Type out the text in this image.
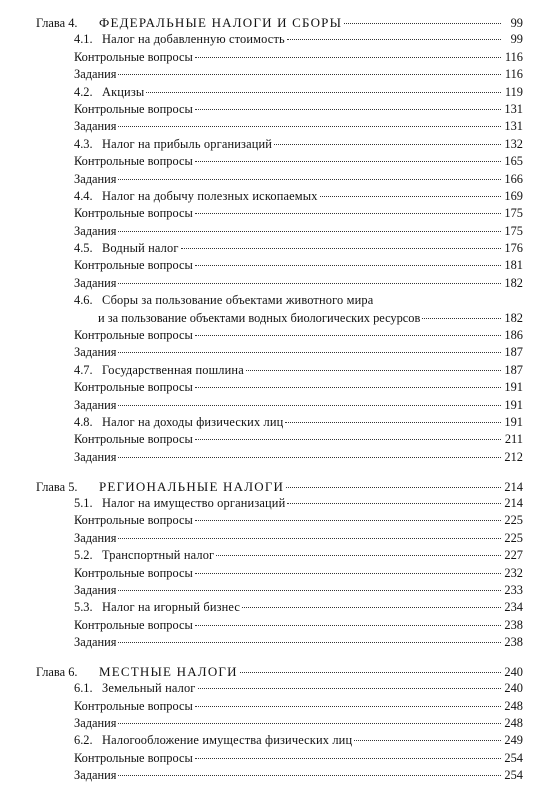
Глава 4.	ФЕДЕРАЛЬНЫЕ НАЛОГИ И СБОРЫ	99
4.1. Налог на добавленную стоимость	99
Контрольные вопросы	116
Задания	116
4.2. Акцизы	119
Контрольные вопросы	131
Задания	131
4.3. Налог на прибыль организаций	132
Контрольные вопросы	165
Задания	166
4.4. Налог на добычу полезных ископаемых	169
Контрольные вопросы	175
Задания	175
4.5. Водный налог	176
Контрольные вопросы	181
Задания	182
4.6. Сборы за пользование объектами животного мира
и за пользование объектами водных биологических ресурсов	182
Контрольные вопросы	186
Задания	187
4.7. Государственная пошлина	187
Контрольные вопросы	191
Задания	191
4.8. Налог на доходы физических лиц	191
Контрольные вопросы	211
Задания	212
Глава 5.	РЕГИОНАЛЬНЫЕ НАЛОГИ	214
5.1. Налог на имущество организаций	214
Контрольные вопросы	225
Задания	225
5.2. Транспортный налог	227
Контрольные вопросы	232
Задания	233
5.3. Налог на игорный бизнес	234
Контрольные вопросы	238
Задания	238
Глава 6.	МЕСТНЫЕ НАЛОГИ	240
6.1. Земельный налог	240
Контрольные вопросы	248
Задания	248
6.2. Налогообложение имущества физических лиц	249
Контрольные вопросы	254
Задания	254
